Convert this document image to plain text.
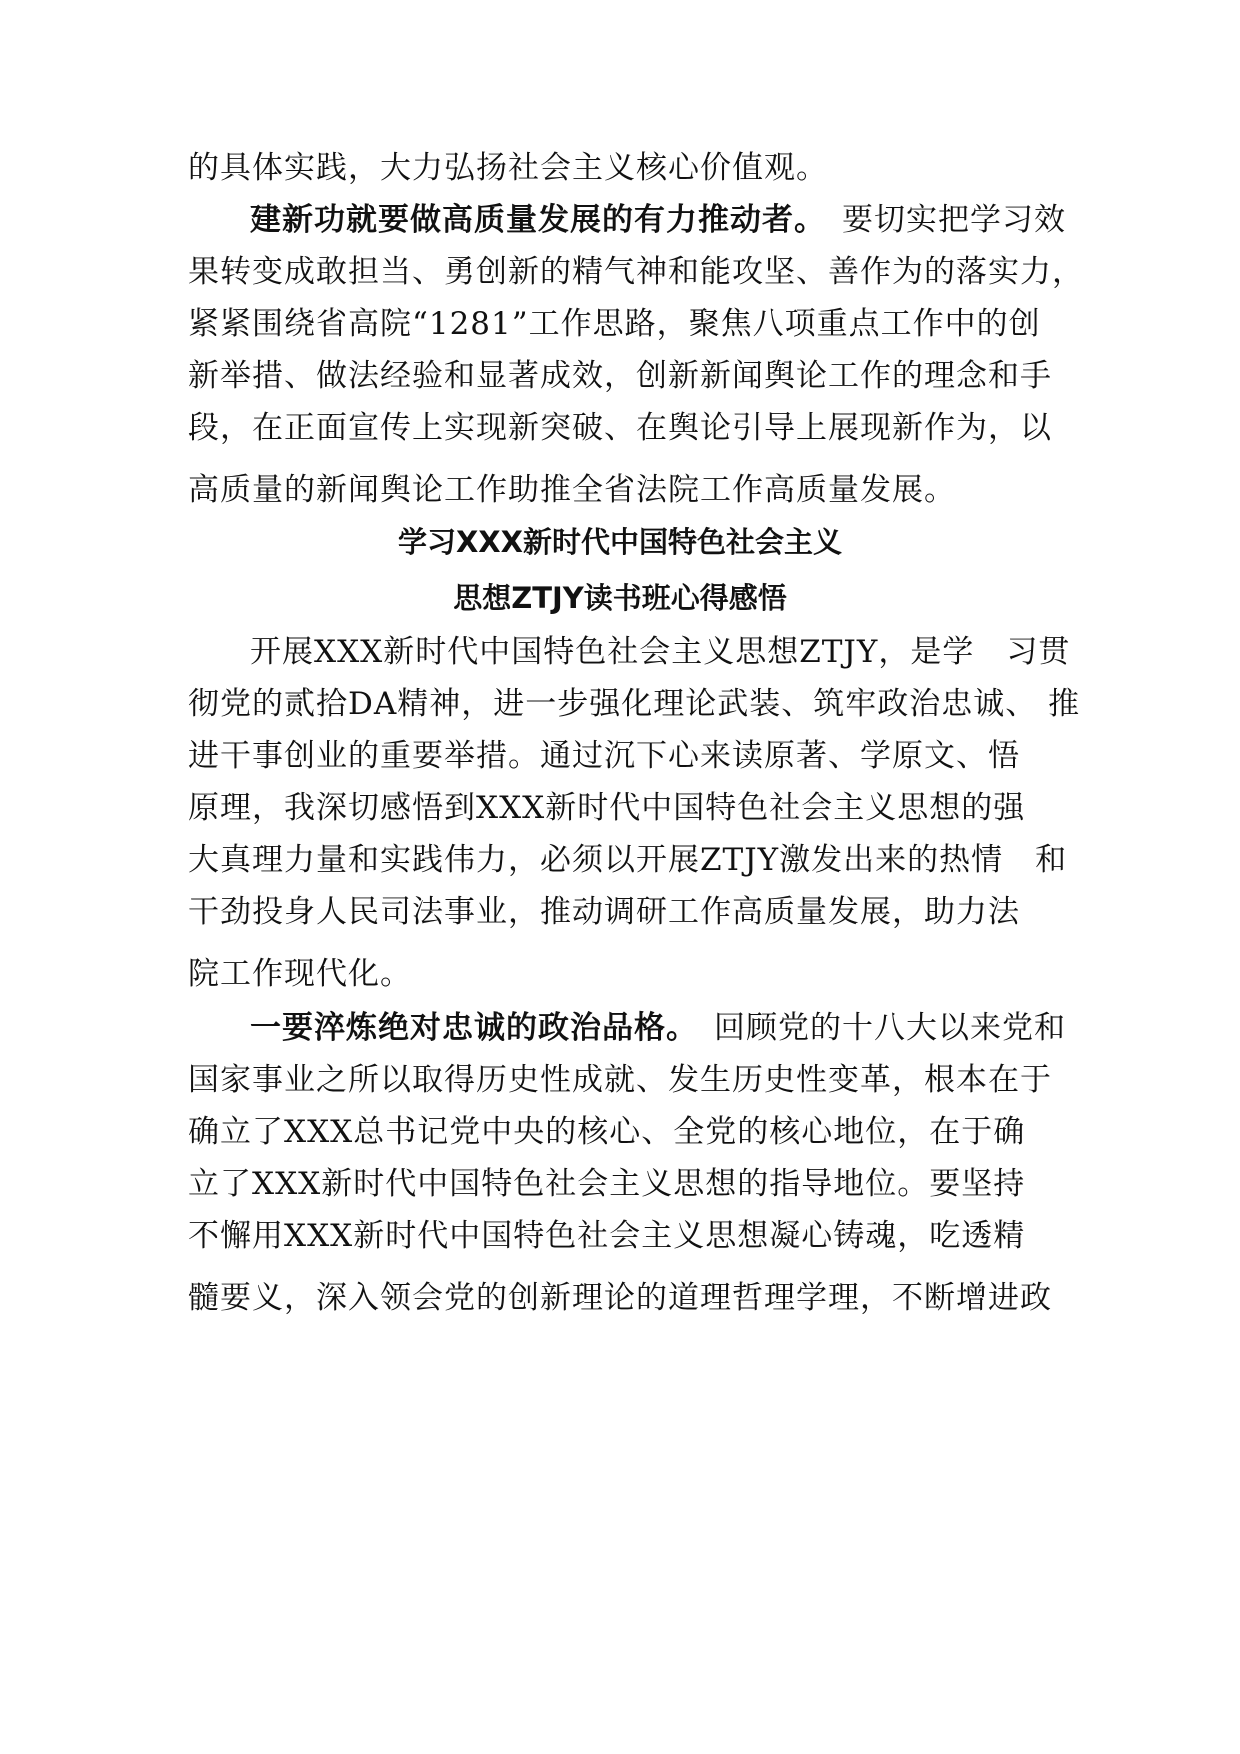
的具体实践，大力弘扬社会主义核心价值观。
建新功就要做高质量发展的有力推动者。 要切实把学习效
果转变成敢担当、勇创新的精气神和能攻坚、善作为的落实力，
紧紧围绕省高院“1281”工作思路，聚焦八项重点工作中的创
新举措、做法经验和显著成效，创新新闻舆论工作的理念和手
段，在正面宣传上实现新突破、在舆论引导上展现新作为，以
高质量的新闻舆论工作助推全省法院工作高质量发展。
学习XXX新时代中国特色社会主义
思想ZTJY读书班心得感悟
开展XXX新时代中国特色社会主义思想ZTJY，是学　习贯
彻党的贰拾DA精神，进一步强化理论武装、筑牢政治忠诚、 推
进干事创业的重要举措。通过沉下心来读原著、学原文、悟
原理，我深切感悟到XXX新时代中国特色社会主义思想的强
大真理力量和实践伟力，必须以开展ZTJY激发出来的热情　和
干劲投身人民司法事业，推动调研工作高质量发展，助力法
院工作现代化。
一要淬炼绝对忠诚的政治品格。 回顾党的十八大以来党和
国家事业之所以取得历史性成就、发生历史性变革，根本在于
确立了XXX总书记党中央的核心、全党的核心地位，在于确
立了XXX新时代中国特色社会主义思想的指导地位。要坚持
不懈用XXX新时代中国特色社会主义思想凝心铸魂，吃透精
髓要义，深入领会党的创新理论的道理哲理学理，不断增进政
